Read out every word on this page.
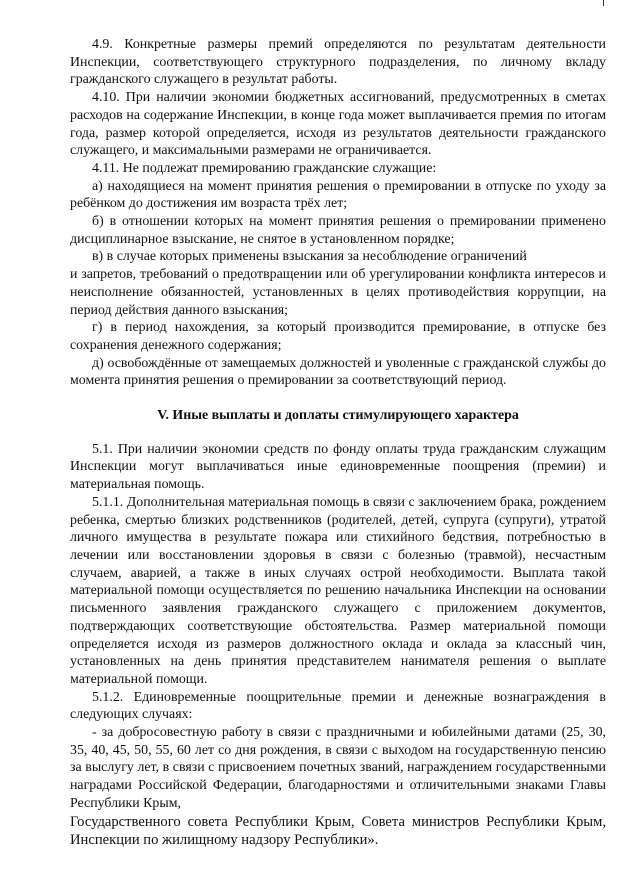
4.9. Конкретные размеры премий определяются по результатам деятельности Инспекции, соответствующего структурного подразделения, по личному вкладу гражданского служащего в результат работы.

4.10. При наличии экономии бюджетных ассигнований, предусмотренных в сметах расходов на содержание Инспекции, в конце года может выплачивается премия по итогам года, размер которой определяется, исходя из результатов деятельности гражданского служащего, и максимальными размерами не ограничивается.

4.11. Не подлежат премированию гражданские служащие:

а) находящиеся на момент принятия решения о премировании в отпуске по уходу за ребёнком до достижения им возраста трёх лет;

б) в отношении которых на момент принятия решения о премировании применено дисциплинарное взыскание, не снятое в установленном порядке;

в) в случае которых применены взыскания за несоблюдение ограничений

и запретов, требований о предотвращении или об урегулировании конфликта интересов и неисполнение обязанностей, установленных в целях противодействия коррупции, на период действия данного взыскания;

г) в период нахождения, за который производится премирование, в отпуске без сохранения денежного содержания;

д) освобождённые от замещаемых должностей и уволенные с гражданской службы до момента принятия решения о премировании за соответствующий период.

V. Иные выплаты и доплаты стимулирующего характера

5.1. При наличии экономии средств по фонду оплаты труда гражданским служащим Инспекции могут выплачиваться иные единовременные поощрения (премии) и материальная помощь.

5.1.1. Дополнительная материальная помощь в связи с заключением брака, рождением ребенка, смертью близких родственников (родителей, детей, супруга (супруги), утратой личного имущества в результате пожара или стихийного бедствия, потребностью в лечении или восстановлении здоровья в связи с болезнью (травмой), несчастным случаем, аварией, а также в иных случаях острой необходимости. Выплата такой материальной помощи осуществляется по решению начальника Инспекции на основании письменного заявления гражданского служащего с приложением документов, подтверждающих соответствующие обстоятельства. Размер материальной помощи определяется исходя из размеров должностного оклада и оклада за классный чин, установленных на день принятия представителем нанимателя решения о выплате материальной помощи.

5.1.2. Единовременные поощрительные премии и денежные вознаграждения в следующих случаях:

- за добросовестную работу в связи с праздничными и юбилейными датами (25, 30, 35, 40, 45, 50, 55, 60 лет со дня рождения, в связи с выходом на государственную пенсию за выслугу лет, в связи с присвоением почетных званий, награждением государственными наградами Российской Федерации, благодарностями и отличительными знаками Главы Республики Крым,

Государственного совета Республики Крым, Совета министров Республики Крым, Инспекции по жилищному надзору Республики».
